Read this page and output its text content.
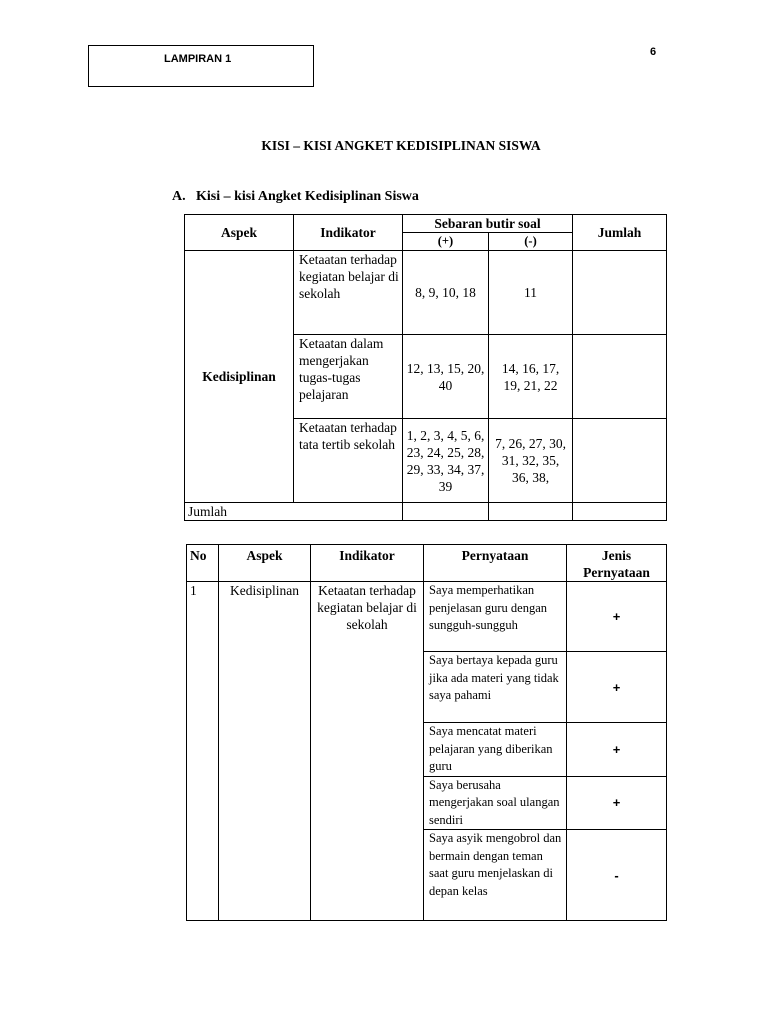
LAMPIRAN 1
6
KISI – KISI ANGKET KEDISIPLINAN SISWA
A. Kisi – kisi Angket Kedisiplinan Siswa
Aspek	Indikator	Sebaran butir soal		Jumlah
		(+)	(-)	
Kedisiplinan	Ketaatan terhadap kegiatan belajar di sekolah	8, 9, 10, 18	11	
	Ketaatan dalam mengerjakan tugas-tugas pelajaran	12, 13, 15, 20, 40	14, 16, 17, 19, 21, 22	
	Ketaatan terhadap tata tertib sekolah	1, 2, 3, 4, 5, 6, 23, 24, 25, 28, 29, 33, 34, 37, 39	7, 26, 27, 30, 31, 32, 35, 36, 38,	
Jumlah				
No	Aspek	Indikator	Pernyataan	Jenis Pernyataan
1	Kedisiplinan	Ketaatan terhadap kegiatan belajar di sekolah	Saya memperhatikan penjelasan guru dengan sungguh-sungguh	+
			Saya bertaya kepada guru jika ada materi yang tidak saya pahami	+
			Saya mencatat materi pelajaran yang diberikan guru	+
			Saya berusaha mengerjakan soal ulangan sendiri	+
			Saya asyik mengobrol dan bermain dengan teman saat guru menjelaskan di depan kelas	-
